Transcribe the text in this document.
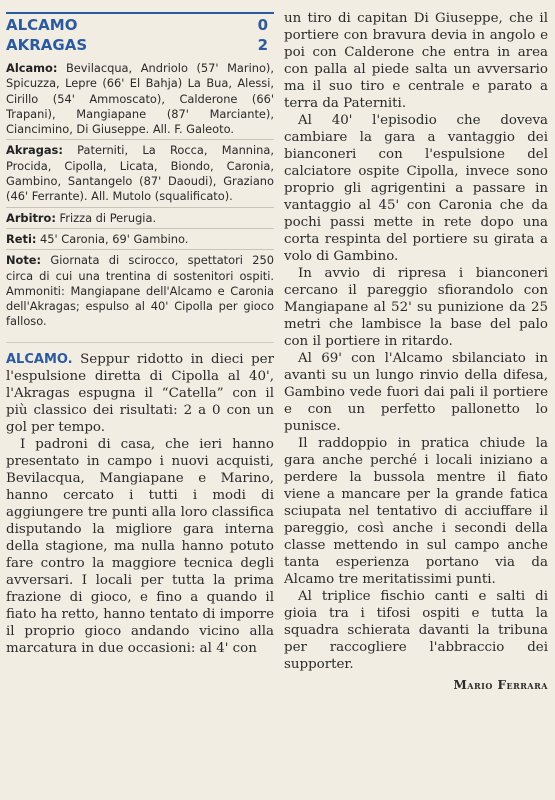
ALCAMO	0
AKRAGAS	2

Alcamo: Bevilacqua, Andriolo (57' Marino), Spicuzza, Lepre (66' El Bahja) La Bua, Alessi, Cirillo (54' Ammoscato), Calderone (66' Trapani), Mangiapane (87' Marciante), Ciancimino, Di Giuseppe. All. F. Galeoto.

Akragas: Paterniti, La Rocca, Mannina, Procida, Cipolla, Licata, Biondo, Caronia, Gambino, Santangelo (87' Daoudi), Graziano (46' Ferrante). All. Mutolo (squalificato).

Arbitro: Frizza di Perugia.

Reti: 45' Caronia, 69' Gambino.

Note: Giornata di scirocco, spettatori 250 circa di cui una trentina di sostenitori ospiti. Ammoniti: Mangiapane dell'Alcamo e Caronia dell'Akragas; espulso al 40' Cipolla per gioco falloso.

ALCAMO. Seppur ridotto in dieci per l'espulsione diretta di Cipolla al 40', l'Akragas espugna il “Catella” con il più classico dei risultati: 2 a 0 con un gol per tempo.

I padroni di casa, che ieri hanno presentato in campo i nuovi acquisti, Bevilacqua, Mangiapane e Marino, hanno cercato i tutti i modi di aggiungere tre punti alla loro classifica disputando la migliore gara interna della stagione, ma nulla hanno potuto fare contro la maggiore tecnica degli avversari. I locali per tutta la prima frazione di gioco, e fino a quando il fiato ha retto, hanno tentato di imporre il proprio gioco andando vicino alla marcatura in due occasioni: al 4' con

un tiro di capitan Di Giuseppe, che il portiere con bravura devia in angolo e poi con Calderone che entra in area con palla al piede salta un avversario ma il suo tiro e centrale e parato a terra da Paterniti.

Al 40' l'episodio che doveva cambiare la gara a vantaggio dei bianconeri con l'espulsione del calciatore ospite Cipolla, invece sono proprio gli agrigentini a passare in vantaggio al 45' con Caronia che da pochi passi mette in rete dopo una corta respinta del portiere su girata a volo di Gambino.

In avvio di ripresa i bianconeri cercano il pareggio sfiorandolo con Mangiapane al 52' su punizione da 25 metri che lambisce la base del palo con il portiere in ritardo.

Al 69' con l'Alcamo sbilanciato in avanti su un lungo rinvio della difesa, Gambino vede fuori dai pali il portiere e con un perfetto pallonetto lo punisce.

Il raddoppio in pratica chiude la gara anche perché i locali iniziano a perdere la bussola mentre il fiato viene a mancare per la grande fatica sciupata nel tentativo di acciuffare il pareggio, così anche i secondi della classe mettendo in sul campo anche tanta esperienza portano via da Alcamo tre meritatissimi punti.

Al triplice fischio canti e salti di gioia tra i tifosi ospiti e tutta la squadra schierata davanti la tribuna per raccogliere l'abbraccio dei supporter.

Mario Ferrara
